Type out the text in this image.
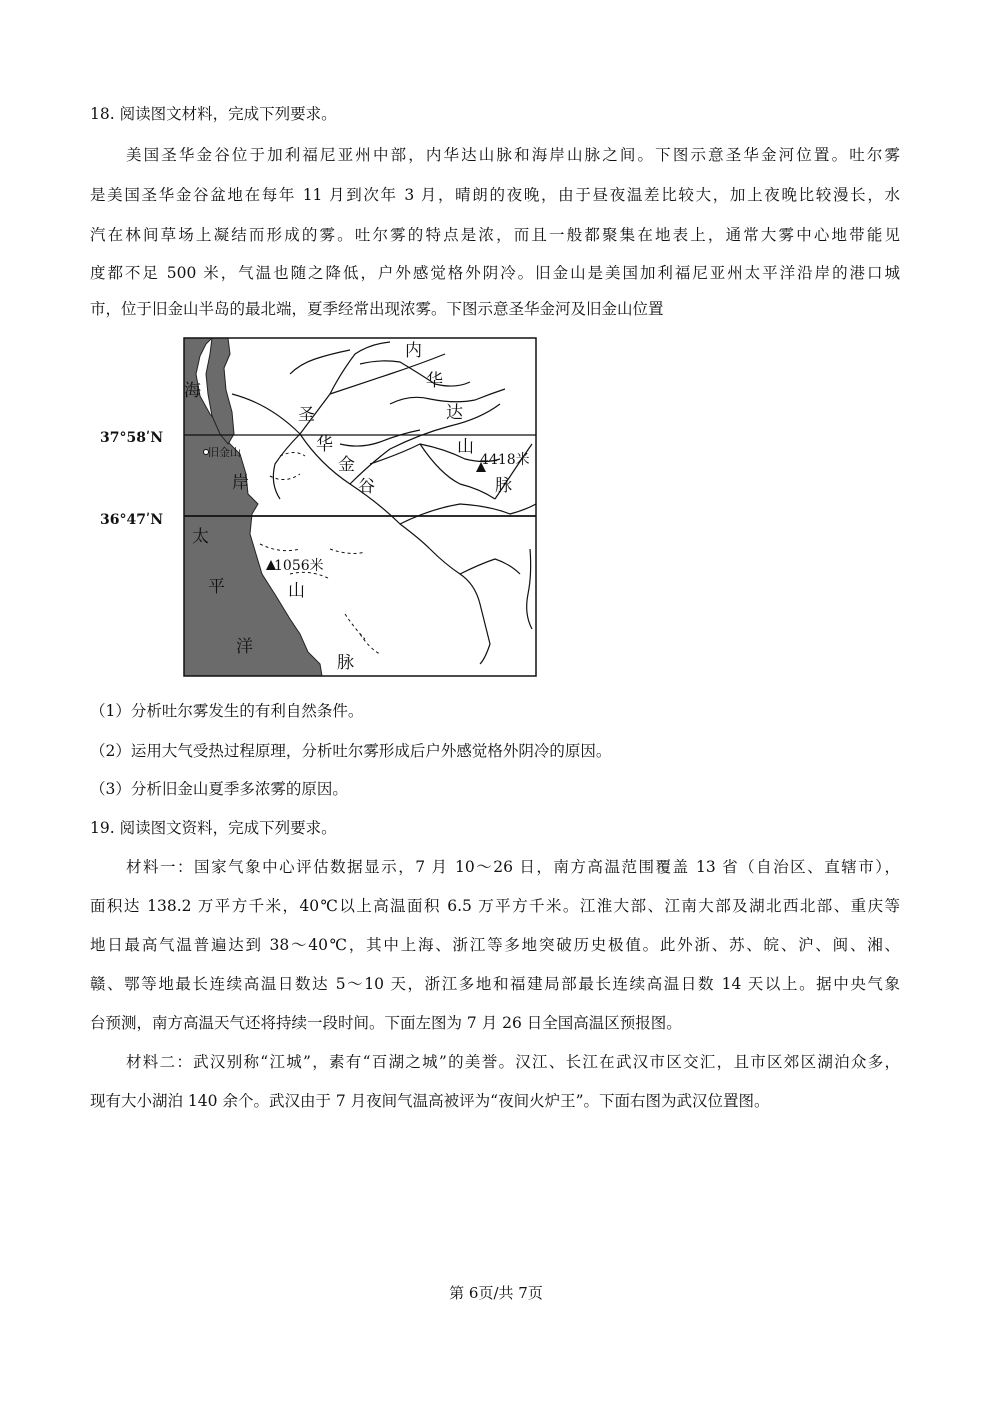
18. 阅读图文材料，完成下列要求。
美国圣华金谷位于加利福尼亚州中部，内华达山脉和海岸山脉之间。下图示意圣华金河位置。吐尔雾
是美国圣华金谷盆地在每年 11 月到次年 3 月，晴朗的夜晚，由于昼夜温差比较大，加上夜晚比较漫长，水
汽在林间草场上凝结而形成的雾。吐尔雾的特点是浓，而且一般都聚集在地表上，通常大雾中心地带能见
度都不足 500 米，气温也随之降低，户外感觉格外阴冷。旧金山是美国加利福尼亚州太平洋沿岸的港口城
市，位于旧金山半岛的最北端，夏季经常出现浓雾。下图示意圣华金河及旧金山位置
37°58ʹN
36°47ʹN
内
华
达
山
脉
海
岸
山
脉
圣
华
金
谷
太
平
洋
旧金山	4418米
1056米
（1）分析吐尔雾发生的有利自然条件。
（2）运用大气受热过程原理，分析吐尔雾形成后户外感觉格外阴冷的原因。
（3）分析旧金山夏季多浓雾的原因。
19. 阅读图文资料，完成下列要求。
材料一：国家气象中心评估数据显示，7 月 10～26 日，南方高温范围覆盖 13 省（自治区、直辖市），
面积达 138.2 万平方千米，40℃以上高温面积 6.5 万平方千米。江淮大部、江南大部及湖北西北部、重庆等
地日最高气温普遍达到 38～40℃，其中上海、浙江等多地突破历史极值。此外浙、苏、皖、沪、闽、湘、
赣、鄂等地最长连续高温日数达 5～10 天，浙江多地和福建局部最长连续高温日数 14 天以上。据中央气象
台预测，南方高温天气还将持续一段时间。下面左图为 7 月 26 日全国高温区预报图。
材料二：武汉别称“江城”，素有“百湖之城”的美誉。汉江、长江在武汉市区交汇，且市区郊区湖泊众多，
现有大小湖泊 140 余个。武汉由于 7 月夜间气温高被评为“夜间火炉王”。下面右图为武汉位置图。
第 6页/共 7页
